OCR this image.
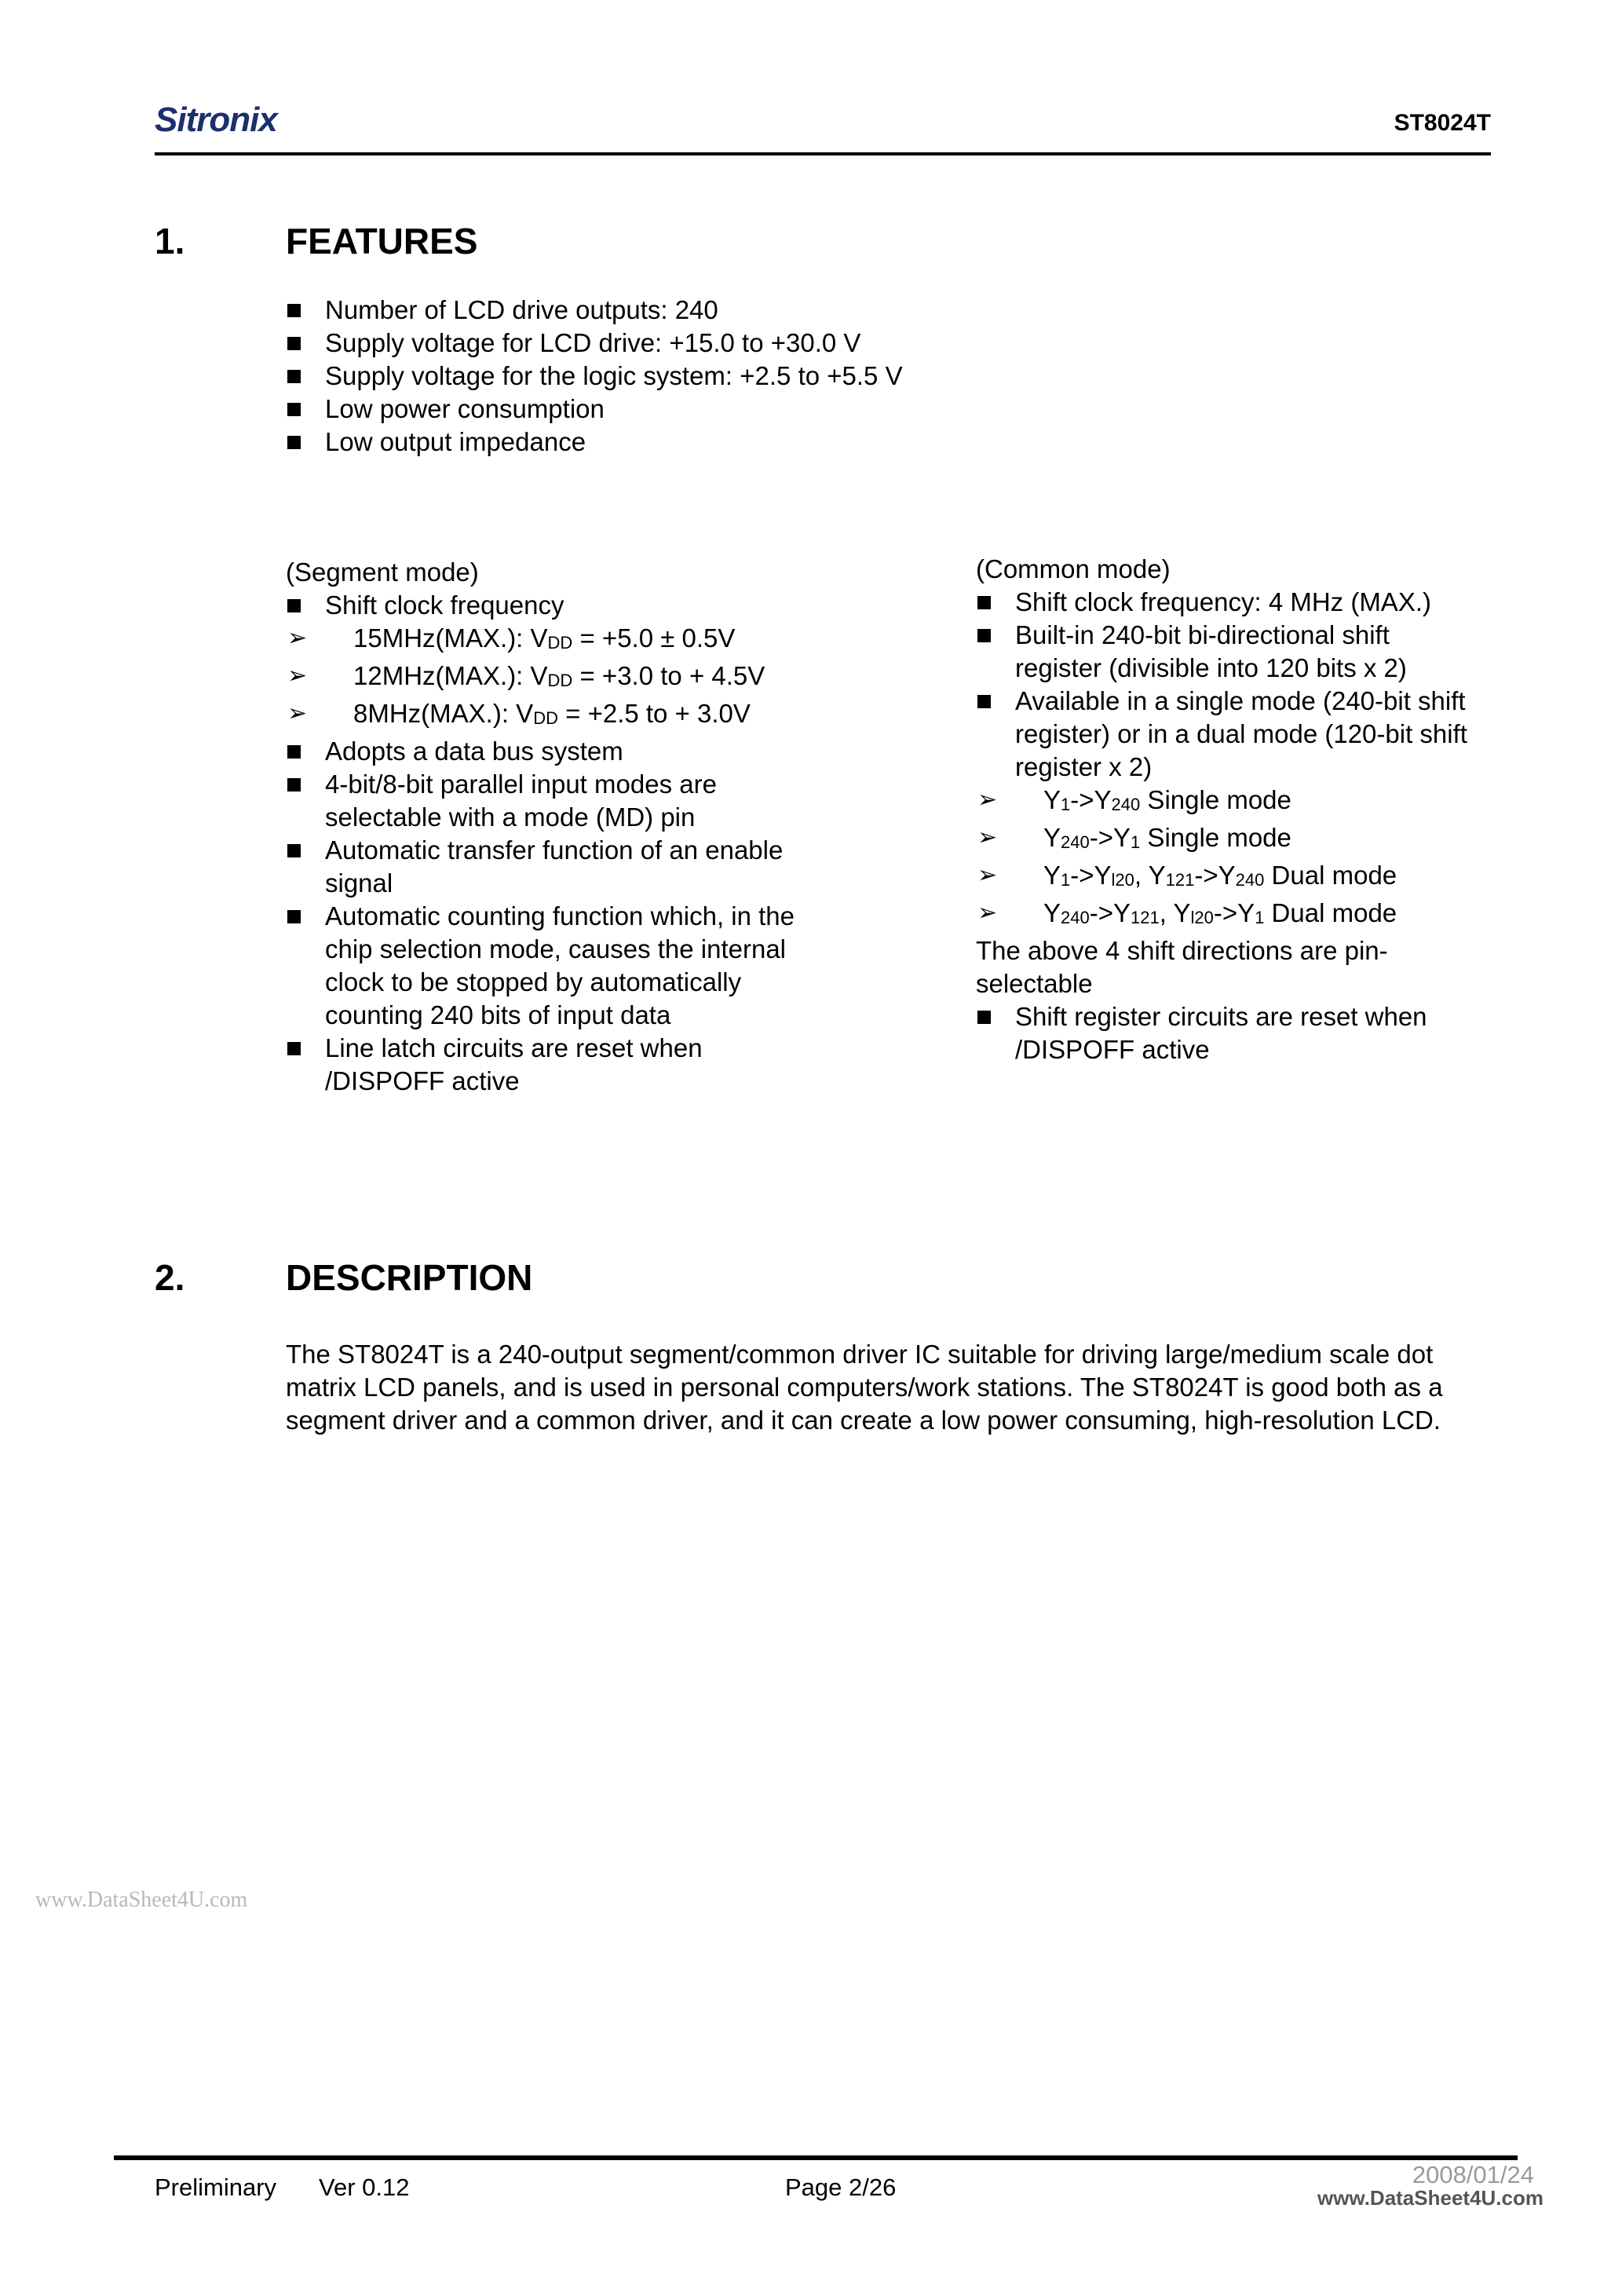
Sitronix	ST8024T
1.	FEATURES
Number of LCD drive outputs: 240
Supply voltage for LCD drive: +15.0 to +30.0 V
Supply voltage for the logic system: +2.5 to +5.5 V
Low power consumption
Low output impedance
(Segment mode)
Shift clock frequency
➢	15MHz(MAX.): $V_{DD} = +5.0 \pm 0.5V$
➢	12MHz(MAX.): $V_{DD} = +3.0$ to + 4.5V
➢	8MHz(MAX.): $V_{DD} = +2.5$ to + 3.0V
Adopts a data bus system
4-bit/8-bit parallel input modes are selectable with a mode (MD) pin
Automatic transfer function of an enable signal
Automatic counting function which, in the chip selection mode, causes the internal clock to be stopped by automatically counting 240 bits of input data
Line latch circuits are reset when /DISPOFF active
(Common mode)
Shift clock frequency: 4 MHz (MAX.)
Built-in 240-bit bi-directional shift register (divisible into 120 bits x 2)
Available in a single mode (240-bit shift register) or in a dual mode (120-bit shift register x 2)
➢	$Y_1->Y_{240}$ Single mode
➢	$Y_{240}->Y_1$ Single mode
➢	$Y_1->Y_{l20}$, $Y_{121}->Y_{240}$ Dual mode
➢	$Y_{240}->Y_{121}$, $Y_{l20}->Y_1$ Dual mode
The above 4 shift directions are pin-selectable
Shift register circuits are reset when /DISPOFF active
2.	DESCRIPTION
The ST8024T is a 240-output segment/common driver IC suitable for driving large/medium scale dot matrix LCD panels, and is used in personal computers/work stations. The ST8024T is good both as a segment driver and a common driver, and it can create a low power consuming, high-resolution LCD.
www.DataSheet4U.com
Preliminary Ver 0.12	Page 2/26	2008/01/24
www.DataSheet4U.com
